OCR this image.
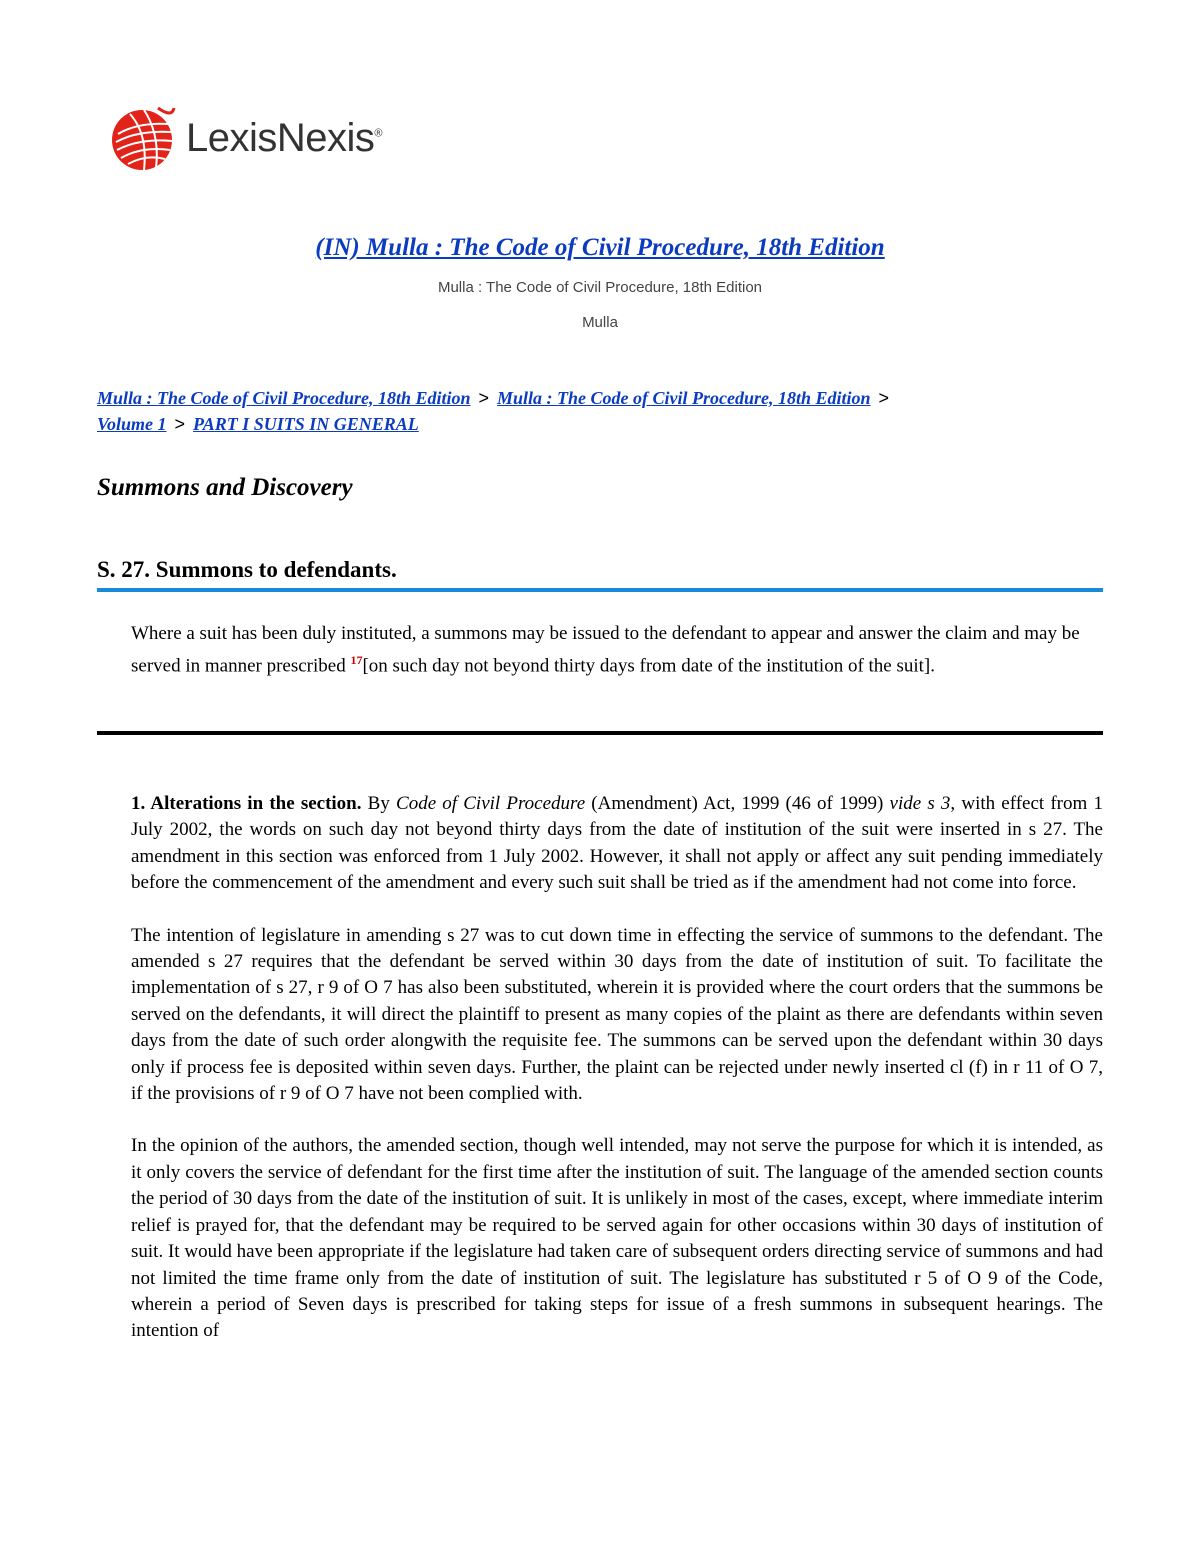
LexisNexis®
(IN) Mulla : The Code of Civil Procedure, 18th Edition
Mulla : The Code of Civil Procedure, 18th Edition
Mulla
Mulla : The Code of Civil Procedure, 18th Edition > Mulla : The Code of Civil Procedure, 18th Edition >
Volume 1 > PART I SUITS IN GENERAL
Summons and Discovery
S. 27. Summons to defendants.
Where a suit has been duly instituted, a summons may be issued to the defendant to appear and answer the claim and may be served in manner prescribed $^{17}$[on such day not beyond thirty days from date of the institution of the suit].

1. Alterations in the section. By Code of Civil Procedure (Amendment) Act, 1999 (46 of 1999) vide s 3, with effect from 1 July 2002, the words on such day not beyond thirty days from the date of institution of the suit were inserted in s 27. The amendment in this section was enforced from 1 July 2002. However, it shall not apply or affect any suit pending immediately before the commencement of the amendment and every such suit shall be tried as if the amendment had not come into force.

The intention of legislature in amending s 27 was to cut down time in effecting the service of summons to the defendant. The amended s 27 requires that the defendant be served within 30 days from the date of institution of suit. To facilitate the implementation of s 27, r 9 of O 7 has also been substituted, wherein it is provided where the court orders that the summons be served on the defendants, it will direct the plaintiff to present as many copies of the plaint as there are defendants within seven days from the date of such order alongwith the requisite fee. The summons can be served upon the defendant within 30 days only if process fee is deposited within seven days. Further, the plaint can be rejected under newly inserted cl (f) in r 11 of O 7, if the provisions of r 9 of O 7 have not been complied with.

In the opinion of the authors, the amended section, though well intended, may not serve the purpose for which it is intended, as it only covers the service of defendant for the first time after the institution of suit. The language of the amended section counts the period of 30 days from the date of the institution of suit. It is unlikely in most of the cases, except, where immediate interim relief is prayed for, that the defendant may be required to be served again for other occasions within 30 days of institution of suit. It would have been appropriate if the legislature had taken care of subsequent orders directing service of summons and had not limited the time frame only from the date of institution of suit. The legislature has substituted r 5 of O 9 of the Code, wherein a period of Seven days is prescribed for taking steps for issue of a fresh summons in subsequent hearings. The intention of
